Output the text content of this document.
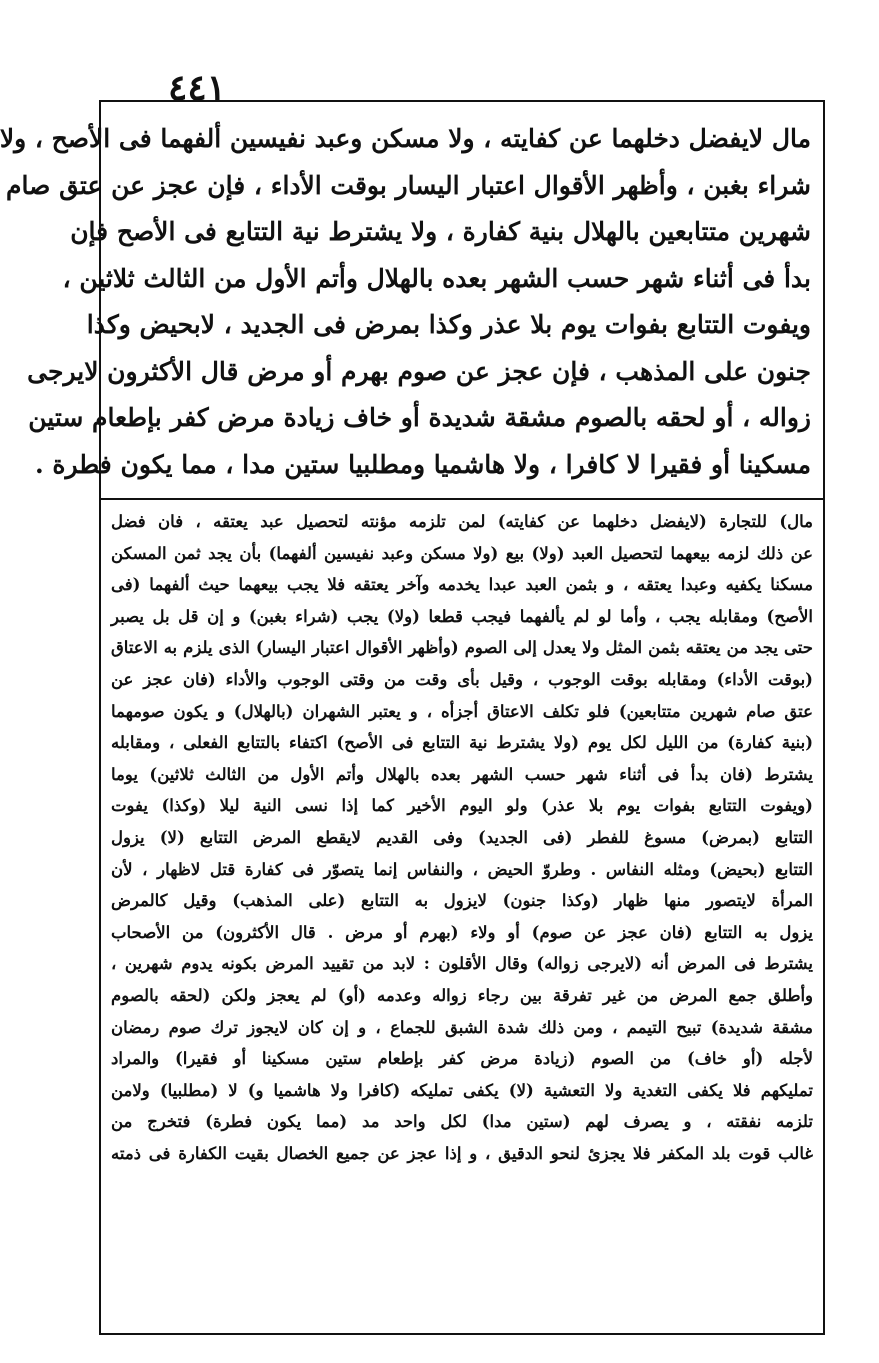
٤٤١
مال لايفضل دخلهما عن كفايته ، ولا مسكن وعبد نفيسين ألفهما فى الأصح ، ولا
شراء بغبن ، وأظهر الأقوال اعتبار اليسار بوقت الأداء ، فإن عجز عن عتق صام
شهرين متتابعين بالهلال بنية كفارة ، ولا يشترط نية التتابع فى الأصح فإن
بدأ فى أثناء شهر حسب الشهر بعده بالهلال وأتم الأول من الثالث ثلاثين ،
ويفوت التتابع بفوات يوم بلا عذر وكذا بمرض فى الجديد ، لابحيض وكذا
جنون على المذهب ، فإن عجز عن صوم بهرم أو مرض قال الأكثرون لايرجى
زواله ، أو لحقه بالصوم مشقة شديدة أو خاف زيادة مرض كفر بإطعام ستين
مسكينا أو فقيرا لا كافرا ، ولا هاشميا ومطلبيا ستين مدا ، مما يكون فطرة .
مال) للتجارة (لايفضل دخلهما عن كفايته) لمن تلزمه مؤنته لتحصيل عبد يعتقه ، فان فضل
عن ذلك لزمه بيعهما لتحصيل العبد (ولا) بيع (ولا مسكن وعبد نفيسين ألفهما) بأن يجد ثمن المسكن
مسكنا يكفيه وعبدا يعتقه ، و بثمن العبد عبدا يخدمه وآخر يعتقه فلا يجب بيعهما حيث ألفهما (فى
الأصح) ومقابله يجب ، وأما لو لم يألفهما فيجب قطعا (ولا) يجب (شراء بغبن) و إن قل بل يصبر
حتى يجد من يعتقه بثمن المثل ولا يعدل إلى الصوم (وأظهر الأقوال اعتبار اليسار) الذى يلزم به الاعتاق
(بوقت الأداء) ومقابله بوقت الوجوب ، وقيل بأى وقت من وقتى الوجوب والأداء (فان عجز عن
عتق صام شهرين متتابعين) فلو تكلف الاعتاق أجزأه ، و يعتبر الشهران (بالهلال) و يكون صومهما
(بنية كفارة) من الليل لكل يوم (ولا يشترط نية التتابع فى الأصح) اكتفاء بالتتابع الفعلى ، ومقابله
يشترط (فان بدأ فى أثناء شهر حسب الشهر بعده بالهلال وأتم الأول من الثالث ثلاثين) يوما
(ويفوت التتابع بفوات يوم بلا عذر) ولو اليوم الأخير كما إذا نسى النية ليلا (وكذا) يفوت
التتابع (بمرض) مسوغ للفطر (فى الجديد) وفى القديم لايقطع المرض التتابع (لا) يزول
التتابع (بحيض) ومثله النفاس . وطروّ الحيض ، والنفاس إنما يتصوّر فى كفارة قتل لاظهار ، لأن
المرأة لايتصور منها ظهار (وكذا جنون) لايزول به التتابع (على المذهب) وقيل كالمرض
يزول به التتابع (فان عجز عن صوم) أو ولاء (بهرم أو مرض . قال الأكثرون) من الأصحاب
يشترط فى المرض أنه (لايرجى زواله) وقال الأقلون : لابد من تقييد المرض بكونه يدوم شهرين ،
وأطلق جمع المرض من غير تفرقة بين رجاء زواله وعدمه (أو) لم يعجز ولكن (لحقه بالصوم
مشقة شديدة) تبيح التيمم ، ومن ذلك شدة الشبق للجماع ، و إن كان لايجوز ترك صوم رمضان
لأجله (أو خاف) من الصوم (زيادة مرض كفر بإطعام ستين مسكينا أو فقيرا) والمراد
تمليكهم فلا يكفى التغدية ولا التعشية (لا) يكفى تمليكه (كافرا ولا هاشميا و) لا (مطلبيا) ولامن
تلزمه نفقته ، و يصرف لهم (ستين مدا) لكل واحد مد (مما يكون فطرة) فتخرج من
غالب قوت بلد المكفر فلا يجزئ لنحو الدقيق ، و إذا عجز عن جميع الخصال بقيت الكفارة فى ذمته
